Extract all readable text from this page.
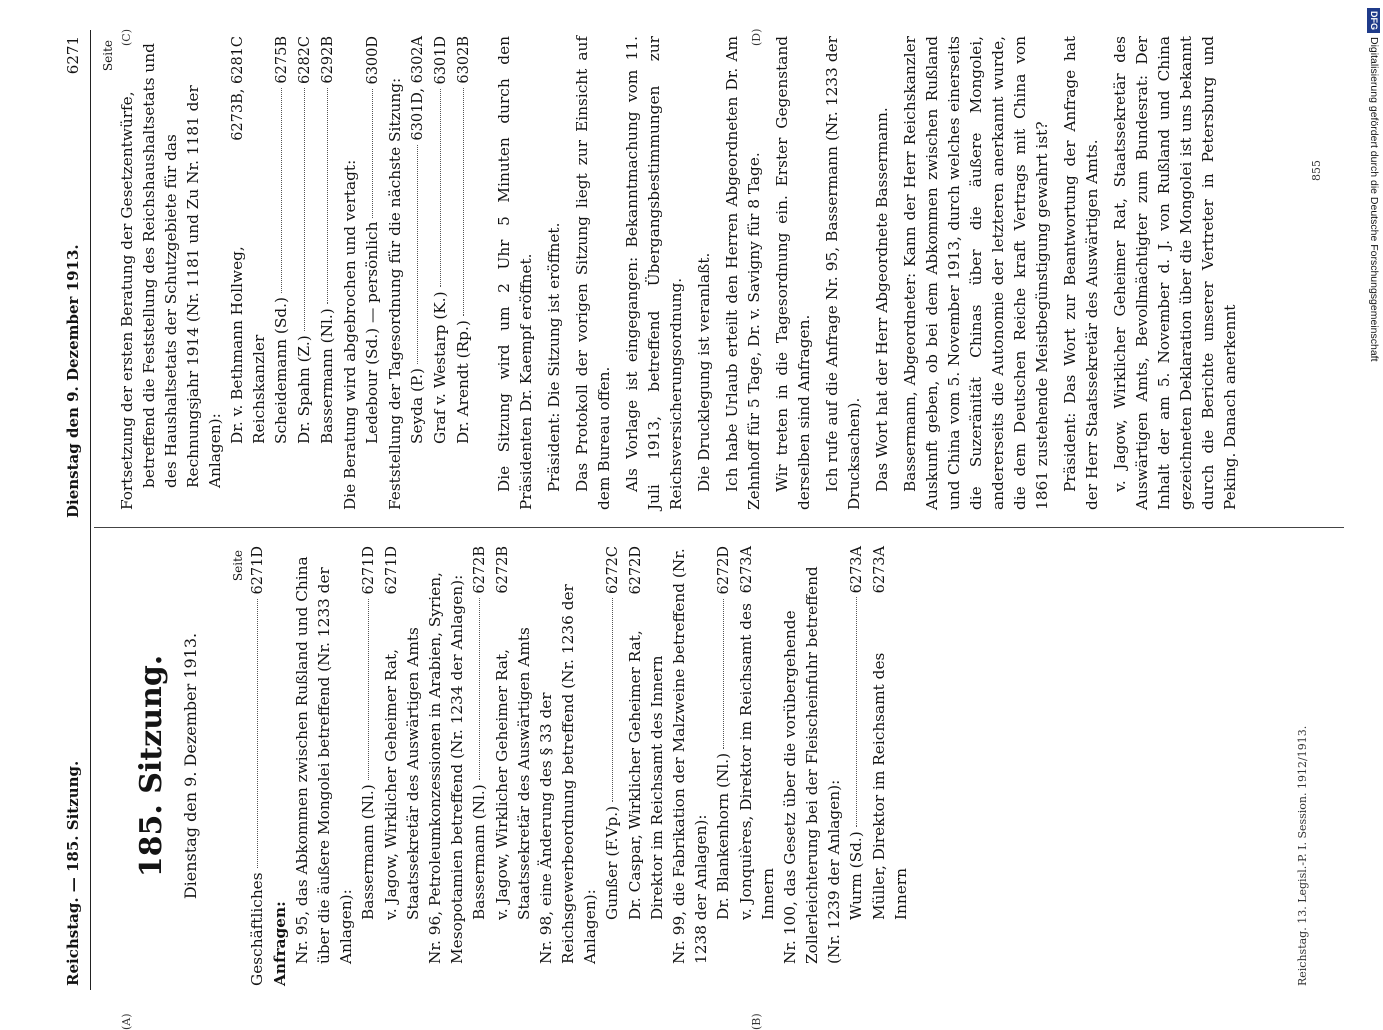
Reichstag. — 185. Sitzung.
Dienstag den 9. Dezember 1913.
6271
(A)	(B)
(C)	(D)
185. Sitzung. Dienstag den 9. Dezember 1913.
Seite
Geschäftliches
6271D
Anfragen: Nr. 95, das Abkommen zwischen Rußland und China über die äußere Mongolei betreffend (Nr. 1233 der Anlagen):
Bassermann (Nl.)
6271D
v. Jagow, Wirklicher Geheimer Rat, Staatssekretär des Auswärtigen Amts
6271D
Nr. 96, Petroleumkonzessionen in Arabien, Syrien, Mesopotamien betreffend (Nr. 1234 der Anlagen): Bassermann (Nl.)
6272B
v. Jagow, Wirklicher Geheimer Rat, Staatssekretär des Auswärtigen Amts
6272B
Nr. 98, eine Änderung des § 33 der Reichsgewerbeordnung betreffend (Nr. 1236 der Anlagen):
Gunßer (F.Vp.)
6272C
Dr. Caspar, Wirklicher Geheimer Rat, Direktor im Reichsamt des Innern
6272D Nr. 99, die Fabrikation der Malzweine betreffend (Nr. 1238 der Anlagen): Dr. Blankenhorn (Nl.)
6272D
v. Jonquières, Direktor im Reichsamt des Innern
6273A
Nr. 100, das Gesetz über die vorübergehende Zollerleichterung bei der Fleischeinfuhr betreffend (Nr. 1239 der Anlagen): Wurm (Sd.)
6273A
Müller, Direktor im Reichsamt des Innern
6273A
Seite
Fortsetzung der ersten Beratung der Gesetzentwürfe, betreffend die Feststellung des Reichshaushaltsetats und des Haushaltsetats der Schutzgebiete für das Rechnungsjahr 1914 (Nr. 1181 und Zu Nr. 1181 der Anlagen):
Dr. v. Bethmann Hollweg, Reichskanzler
6273B, 6281C
Scheidemann (Sd.)
6275B
Dr. Spahn (Z.)
6282C
Bassermann (Nl.)
6292B
Die Beratung wird abgebrochen und vertagt: Ledebour (Sd.) — persönlich
6300D
Feststellung der Tagesordnung für die nächste Sitzung: Seyda (P.)
6301D, 6302A
Graf v. Westarp (K.)
6301D
Dr. Arendt (Rp.)
6302B Die Sitzung wird um 2 Uhr 5 Minuten durch den Präsidenten Dr. Kaempf eröffnet. Präsident: Die Sitzung ist eröffnet. Das Protokoll der vorigen Sitzung liegt zur Einsicht auf dem Bureau offen. Als Vorlage ist eingegangen: Bekanntmachung vom 11. Juli 1913, betreffend Übergangsbestimmungen zur Reichsversicherungsordnung. Die Drucklegung ist veranlaßt. Ich habe Urlaub erteilt den Herren Abgeordneten Dr. Am Zehnhoff für 5 Tage, Dr. v. Savigny für 8 Tage. Wir treten in die Tagesordnung ein. Erster Gegenstand derselben sind Anfragen. Ich rufe auf die Anfrage Nr. 95, Bassermann (Nr. 1233 der Drucksachen). Das Wort hat der Herr Abgeordnete Bassermann. Bassermann, Abgeordneter: Kann der Herr Reichskanzler Auskunft geben, ob bei dem Abkommen zwischen Rußland und China vom 5. November 1913, durch welches einerseits die Suzeränität Chinas über die äußere Mongolei, andererseits die Autonomie der letzteren anerkannt wurde, die dem Deutschen Reiche kraft Vertrags mit China von 1861 zustehende Meistbegünstigung gewahrt ist? Präsident: Das Wort zur Beantwortung der Anfrage hat der Herr Staatssekretär des Auswärtigen Amts. v. Jagow, Wirklicher Geheimer Rat, Staatssekretär des Auswärtigen Amts, Bevollmächtigter zum Bundesrat: Der Inhalt der am 5. November d. J. von Rußland und China gezeichneten Deklaration über die Mongolei ist uns bekannt durch die Berichte unserer Vertreter in Petersburg und Peking. Danach anerkennt

Reichstag. 13. Legisl.-P. I. Session. 1912/1913.
855
DFGDigitalisierung gefördert durch die Deutsche Forschungsgemeinschaft
